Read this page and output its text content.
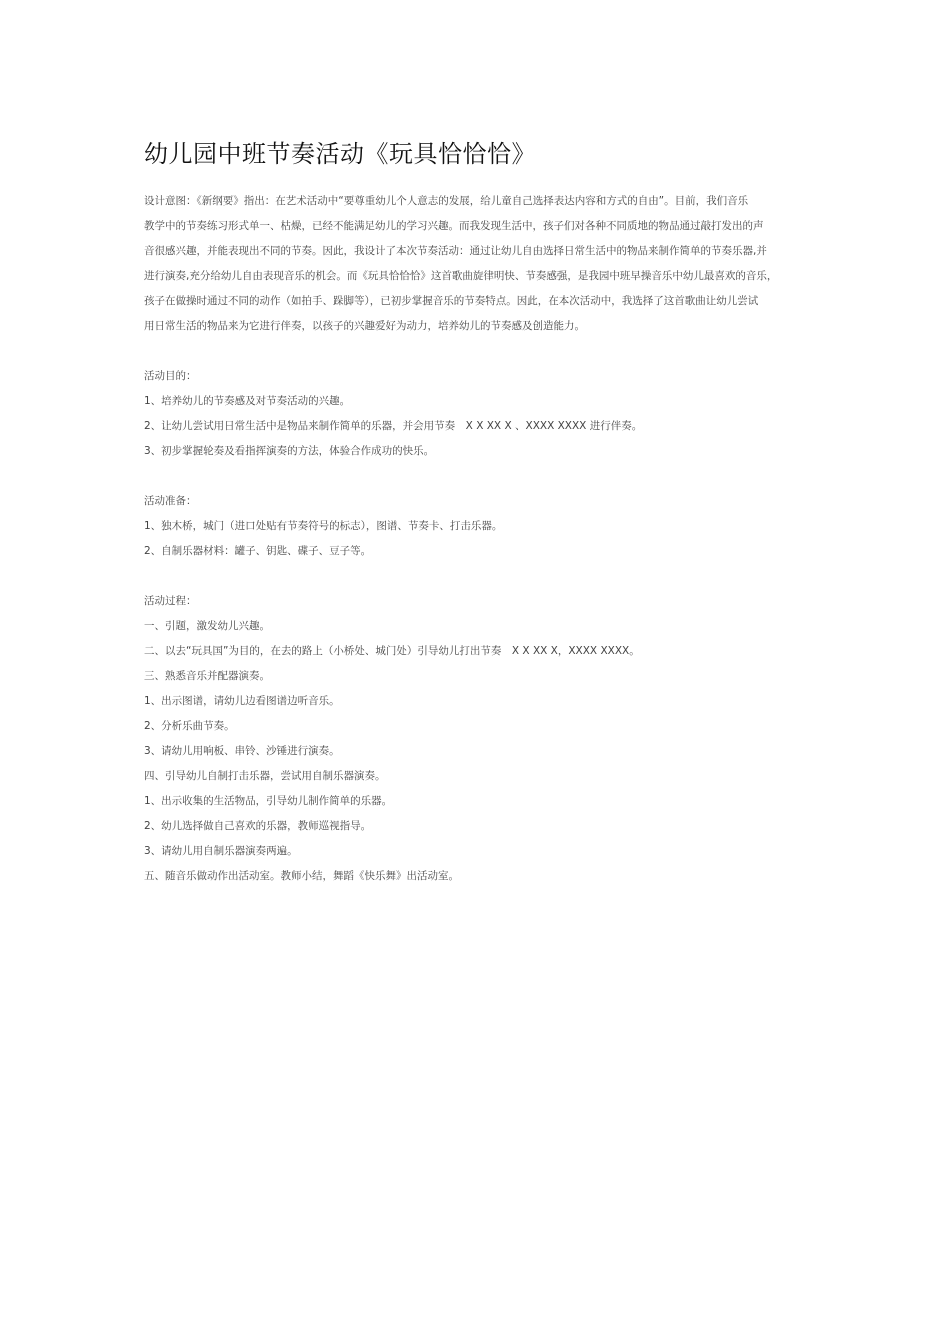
幼儿园中班节奏活动《玩具恰恰恰》
设计意图：《新纲要》指出：在艺术活动中“要尊重幼儿个人意志的发展，给儿童自己选择表达内容和方式的自由”。目前，我们音乐
教学中的节奏练习形式单一、枯燥，已经不能满足幼儿的学习兴趣。而我发现生活中，孩子们对各种不同质地的物品通过敲打发出的声
音很感兴趣，并能表现出不同的节奏。因此，我设计了本次节奏活动：通过让幼儿自由选择日常生活中的物品来制作简单的节奏乐器,并
进行演奏,充分给幼儿自由表现音乐的机会。而《玩具恰恰恰》这首歌曲旋律明快、节奏感强，是我园中班早操音乐中幼儿最喜欢的音乐，
孩子在做操时通过不同的动作（如拍手、跺脚等），已初步掌握音乐的节奏特点。因此，在本次活动中，我选择了这首歌曲让幼儿尝试
用日常生活的物品来为它进行伴奏，以孩子的兴趣爱好为动力，培养幼儿的节奏感及创造能力。
活动目的：
1、培养幼儿的节奏感及对节奏活动的兴趣。
2、让幼儿尝试用日常生活中是物品来制作简单的乐器，并会用节奏　X X XX X 、XXXX XXXX 进行伴奏。
3、初步掌握轮奏及看指挥演奏的方法，体验合作成功的快乐。
活动准备：
1、独木桥，城门（进口处贴有节奏符号的标志），图谱、节奏卡、打击乐器。
2、自制乐器材料：罐子、钥匙、碟子、豆子等。
活动过程：
一、引题，激发幼儿兴趣。
二、以去“玩具国”为目的，在去的路上（小桥处、城门处）引导幼儿打出节奏　X X XX X，XXXX XXXX。
三、熟悉音乐并配器演奏。
1、出示图谱，请幼儿边看图谱边听音乐。
2、分析乐曲节奏。
3、请幼儿用响板、串铃、沙锤进行演奏。
四、引导幼儿自制打击乐器，尝试用自制乐器演奏。
1、出示收集的生活物品，引导幼儿制作简单的乐器。
2、幼儿选择做自己喜欢的乐器，教师巡视指导。
3、请幼儿用自制乐器演奏两遍。
五、随音乐做动作出活动室。教师小结，舞蹈《快乐舞》出活动室。
